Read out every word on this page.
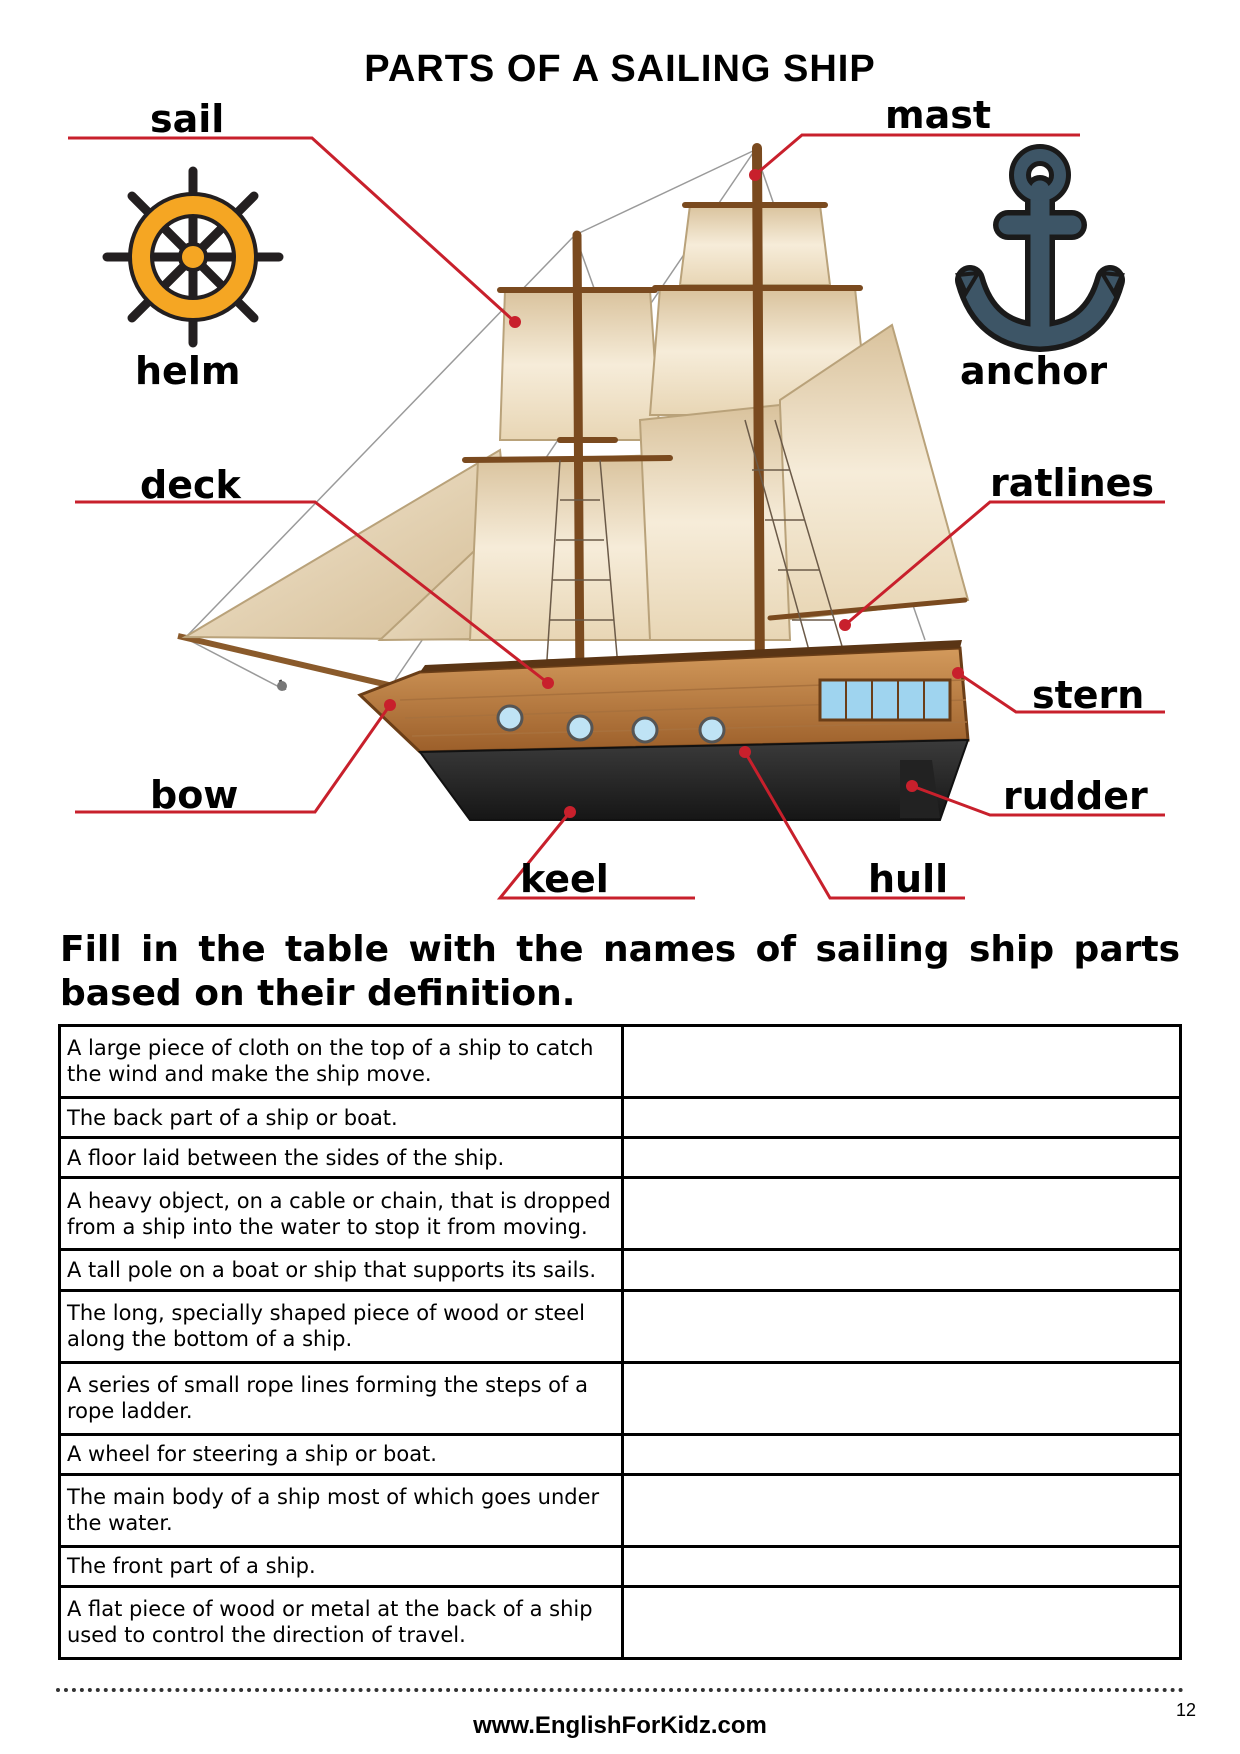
PARTS OF A SAILING SHIP
sail	mast
helm	anchor
deck	ratlines
stern
bow	rudder
keel	hull
Fill in the table with the names of sailing ship parts based on their definition.
A large piece of cloth on the top of a ship to catch the wind and make the ship move.	
The back part of a ship or boat.	
A floor laid between the sides of the ship.	
A heavy object, on a cable or chain, that is dropped from a ship into the water to stop it from moving.	
A tall pole on a boat or ship that supports its sails.	
The long, specially shaped piece of wood or steel along the bottom of a ship.	
A series of small rope lines forming the steps of a rope ladder.	
A wheel for steering a ship or boat.	
The main body of a ship most of which goes under the water.	
The front part of a ship.	
A flat piece of wood or metal at the back of a ship used to control the direction of travel.	
12
www.EnglishForKidz.com
